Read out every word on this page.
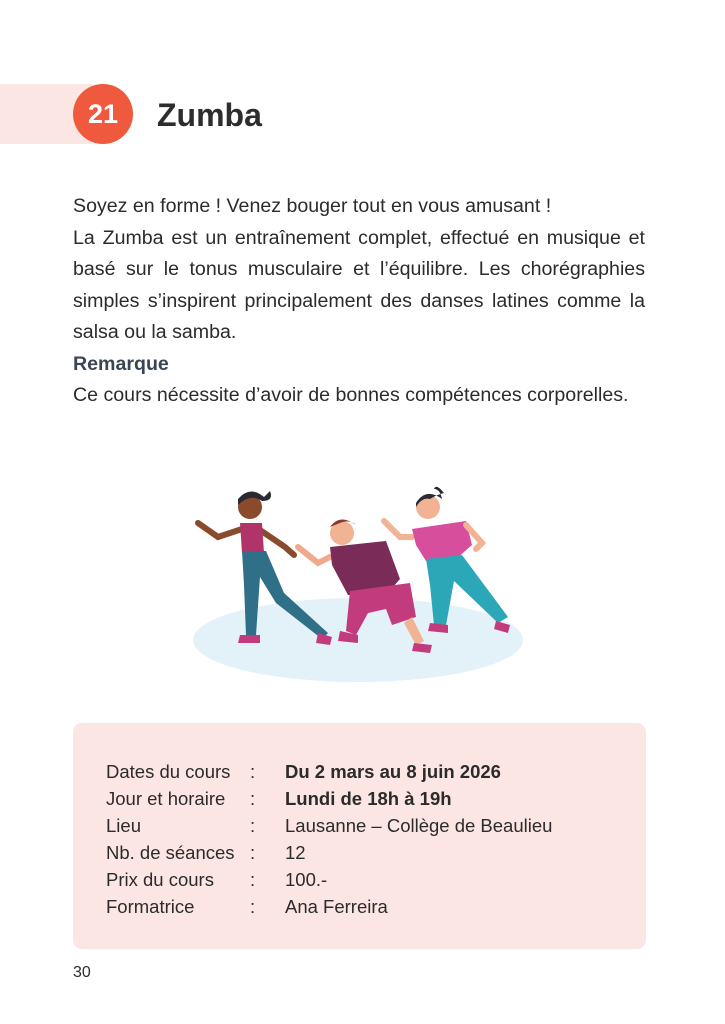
21 Zumba

Soyez en forme ! Venez bouger tout en vous amusant !

La Zumba est un entraînement complet, effectué en musique et basé sur le tonus musculaire et l’équilibre. Les chorégraphies simples s’inspirent principalement des danses latines comme la salsa ou la samba.

Remarque

Ce cours nécessite d’avoir de bonnes compétences corporelles.

Dates du cours : Du 2 mars au 8 juin 2026
Jour et horaire : Lundi de 18h à 19h
Lieu	: Lausanne – Collège de Beaulieu
Nb. de séances : 12
Prix du cours : 100.-
Formatrice	: Ana Ferreira
30
